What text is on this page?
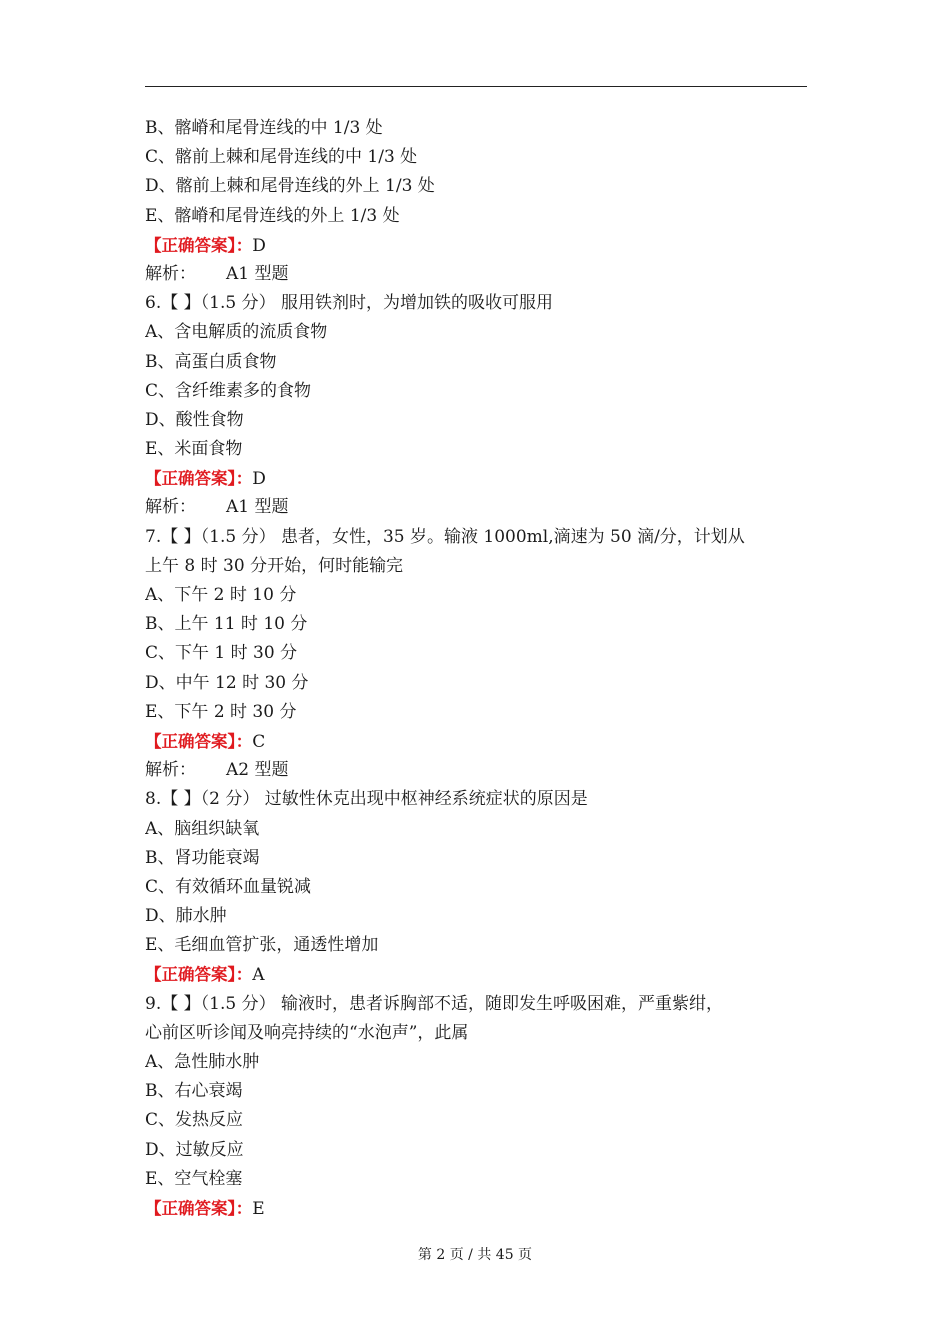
B、髂嵴和尾骨连线的中 1/3 处
C、髂前上棘和尾骨连线的中 1/3 处
D、髂前上棘和尾骨连线的外上 1/3 处
E、髂嵴和尾骨连线的外上 1/3 处
【正确答案】：D
解析： A1 型题
6.【 】（1.5 分） 服用铁剂时，为增加铁的吸收可服用
A、含电解质的流质食物
B、高蛋白质食物
C、含纤维素多的食物
D、酸性食物
E、米面食物
【正确答案】：D
解析： A1 型题
7.【 】（1.5 分） 患者，女性，35 岁。输液 1000ml,滴速为 50 滴/分，计划从
上午 8 时 30 分开始，何时能输完
A、下午 2 时 10 分
B、上午 11 时 10 分
C、下午 1 时 30 分
D、中午 12 时 30 分
E、下午 2 时 30 分
【正确答案】：C
解析： A2 型题
8.【 】（2 分） 过敏性休克出现中枢神经系统症状的原因是
A、脑组织缺氧
B、肾功能衰竭
C、有效循环血量锐减
D、肺水肿
E、毛细血管扩张，通透性增加
【正确答案】：A
9.【 】（1.5 分） 输液时，患者诉胸部不适，随即发生呼吸困难，严重紫绀，
心前区听诊闻及响亮持续的“水泡声”，此属
A、急性肺水肿
B、右心衰竭
C、发热反应
D、过敏反应
E、空气栓塞
【正确答案】：E
第 2 页 / 共 45 页
